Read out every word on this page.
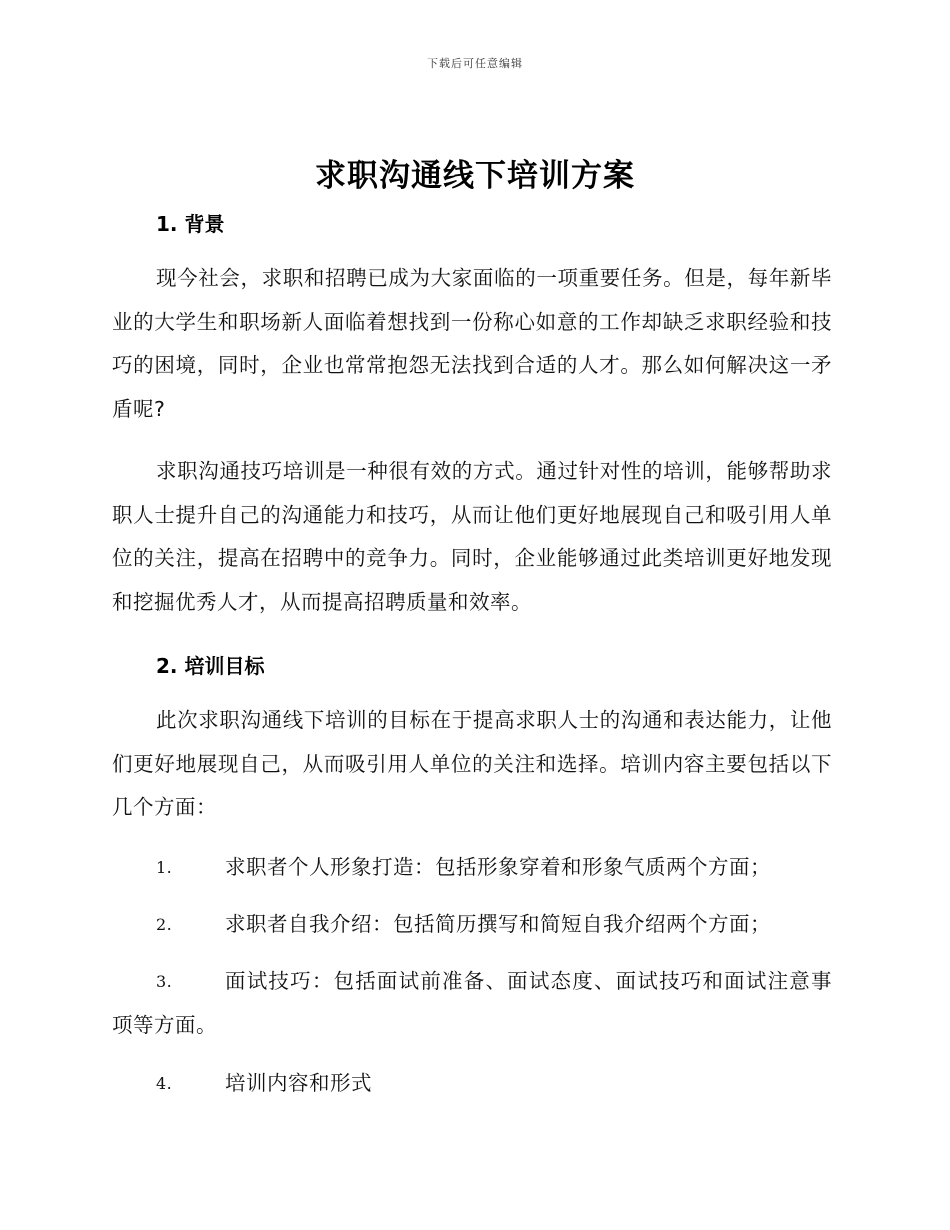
下载后可任意编辑
求职沟通线下培训方案
1. 背景

现今社会，求职和招聘已成为大家面临的一项重要任务。但是，每年新毕业的大学生和职场新人面临着想找到一份称心如意的工作却缺乏求职经验和技巧的困境，同时，企业也常常抱怨无法找到合适的人才。那么如何解决这一矛盾呢?

求职沟通技巧培训是一种很有效的方式。通过针对性的培训，能够帮助求职人士提升自己的沟通能力和技巧，从而让他们更好地展现自己和吸引用人单位的关注，提高在招聘中的竞争力。同时，企业能够通过此类培训更好地发现和挖掘优秀人才，从而提高招聘质量和效率。

2. 培训目标

此次求职沟通线下培训的目标在于提高求职人士的沟通和表达能力，让他们更好地展现自己，从而吸引用人单位的关注和选择。培训内容主要包括以下几个方面：

1.	求职者个人形象打造：包括形象穿着和形象气质两个方面；
2.	求职者自我介绍：包括简历撰写和简短自我介绍两个方面；
3.	面试技巧：包括面试前准备、面试态度、面试技巧和面试注意事项等方面。
4.	培训内容和形式
